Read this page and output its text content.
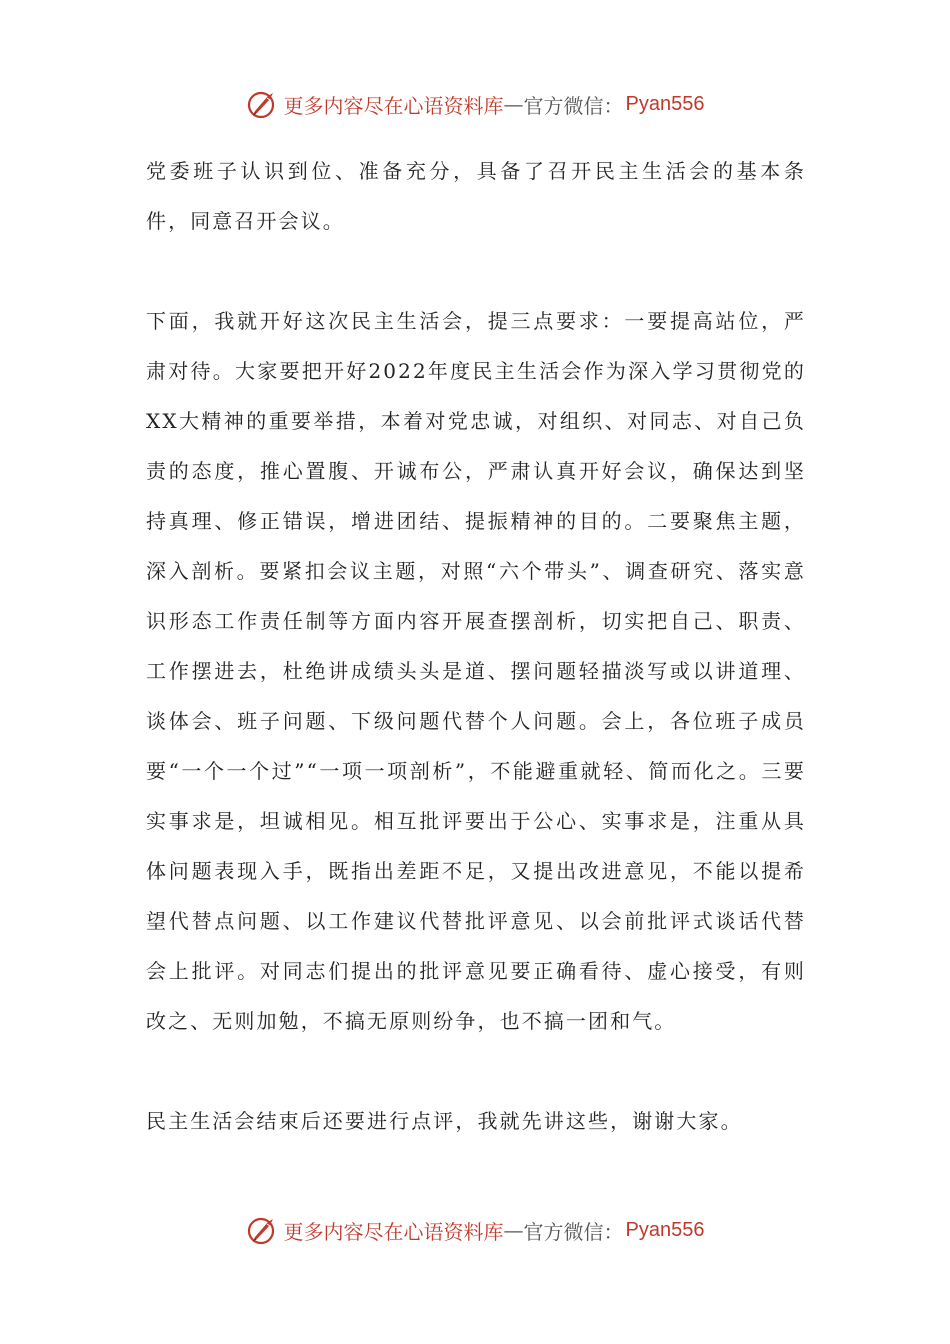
更多内容尽在心语资料库 — 官方微信： Pyan556

党委班子认识到位、准备充分，具备了召开民主生活会的基本条件，同意召开会议。

下面，我就开好这次民主生活会，提三点要求：一要提高站位，严肃对待。大家要把开好2022年度民主生活会作为深入学习贯彻党的XX大精神的重要举措，本着对党忠诚，对组织、对同志、对自己负责的态度，推心置腹、开诚布公，严肃认真开好会议，确保达到坚持真理、修正错误，增进团结、提振精神的目的。二要聚焦主题，深入剖析。要紧扣会议主题，对照“六个带头”、调查研究、落实意识形态工作责任制等方面内容开展查摆剖析，切实把自己、职责、工作摆进去，杜绝讲成绩头头是道、摆问题轻描淡写或以讲道理、谈体会、班子问题、下级问题代替个人问题。会上，各位班子成员要“一个一个过”“一项一项剖析”，不能避重就轻、简而化之。三要实事求是，坦诚相见。相互批评要出于公心、实事求是，注重从具体问题表现入手，既指出差距不足，又提出改进意见，不能以提希望代替点问题、以工作建议代替批评意见、以会前批评式谈话代替会上批评。对同志们提出的批评意见要正确看待、虚心接受，有则改之、无则加勉，不搞无原则纷争，也不搞一团和气。

民主生活会结束后还要进行点评，我就先讲这些，谢谢大家。

更多内容尽在心语资料库 — 官方微信： Pyan556
